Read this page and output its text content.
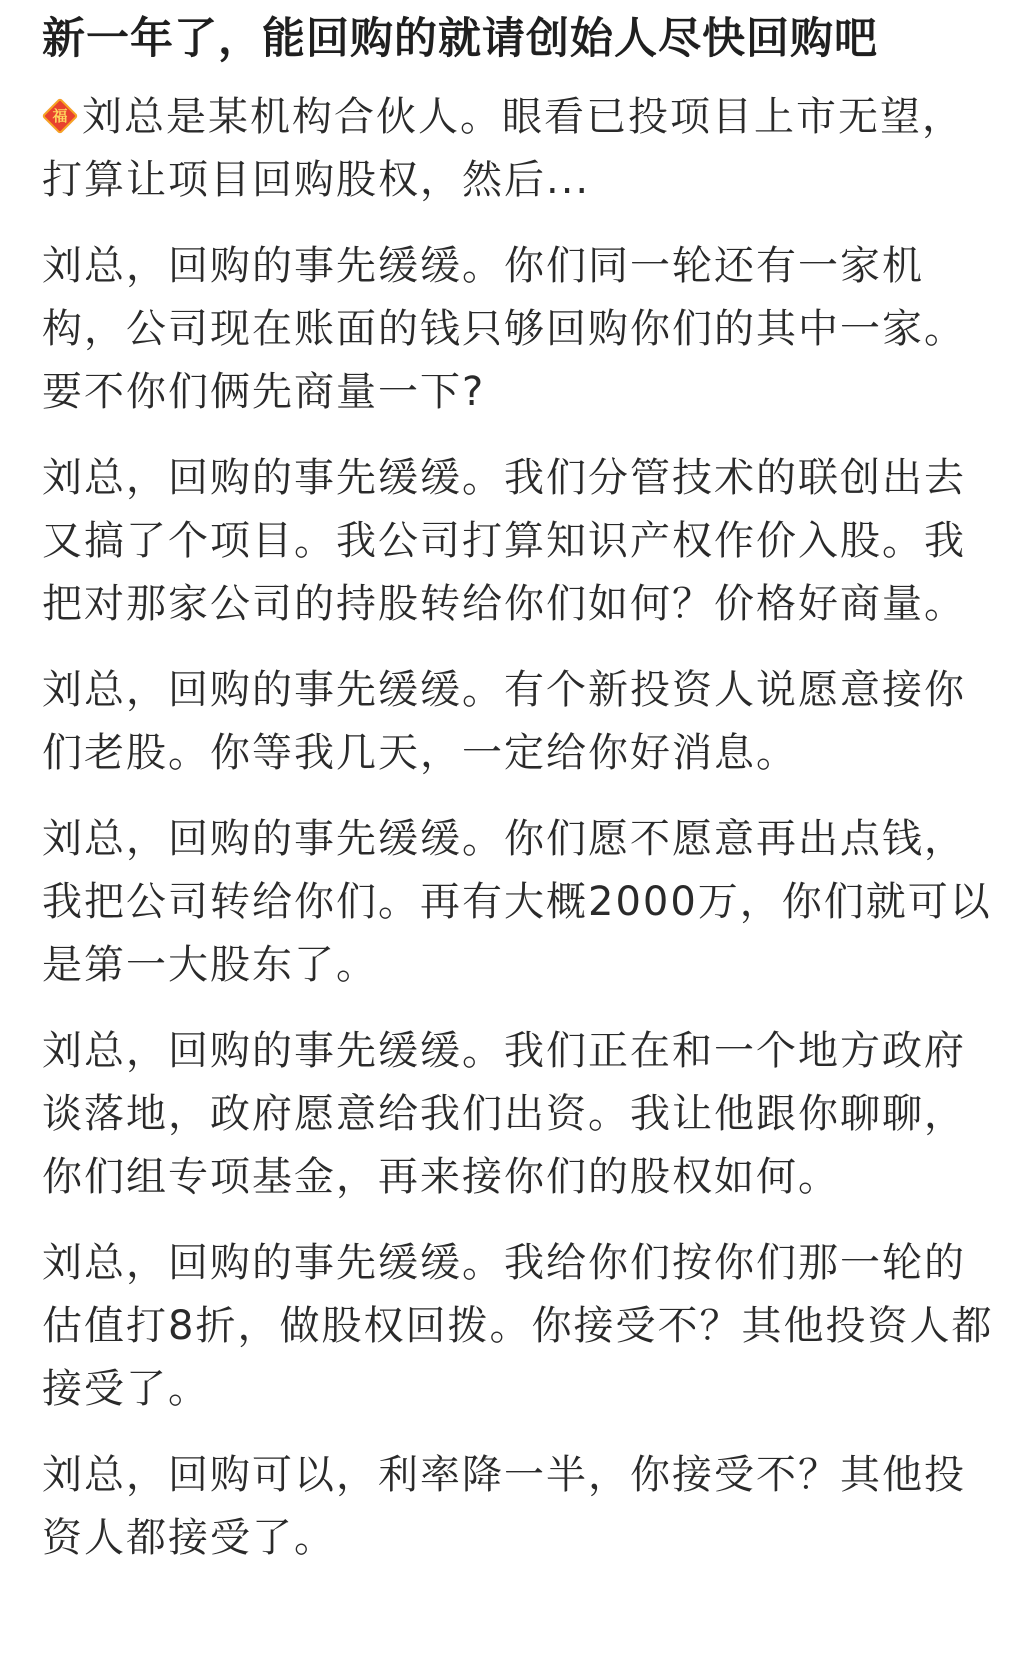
新一年了，能回购的就请创始人尽快回购吧
福 刘总是某机构合伙人。眼看已投项目上市无望，打算让项目回购股权，然后...
刘总，回购的事先缓缓。你们同一轮还有一家机构，公司现在账面的钱只够回购你们的其中一家。要不你们俩先商量一下?
刘总，回购的事先缓缓。我们分管技术的联创出去又搞了个项目。我公司打算知识产权作价入股。我把对那家公司的持股转给你们如何？价格好商量。
刘总，回购的事先缓缓。有个新投资人说愿意接你们老股。你等我几天，一定给你好消息。
刘总，回购的事先缓缓。你们愿不愿意再出点钱，我把公司转给你们。再有大概2000万，你们就可以是第一大股东了。
刘总，回购的事先缓缓。我们正在和一个地方政府谈落地，政府愿意给我们出资。我让他跟你聊聊，你们组专项基金，再来接你们的股权如何。
刘总，回购的事先缓缓。我给你们按你们那一轮的估值打8折，做股权回拨。你接受不？其他投资人都接受了。
刘总，回购可以，利率降一半，你接受不？其他投资人都接受了。
